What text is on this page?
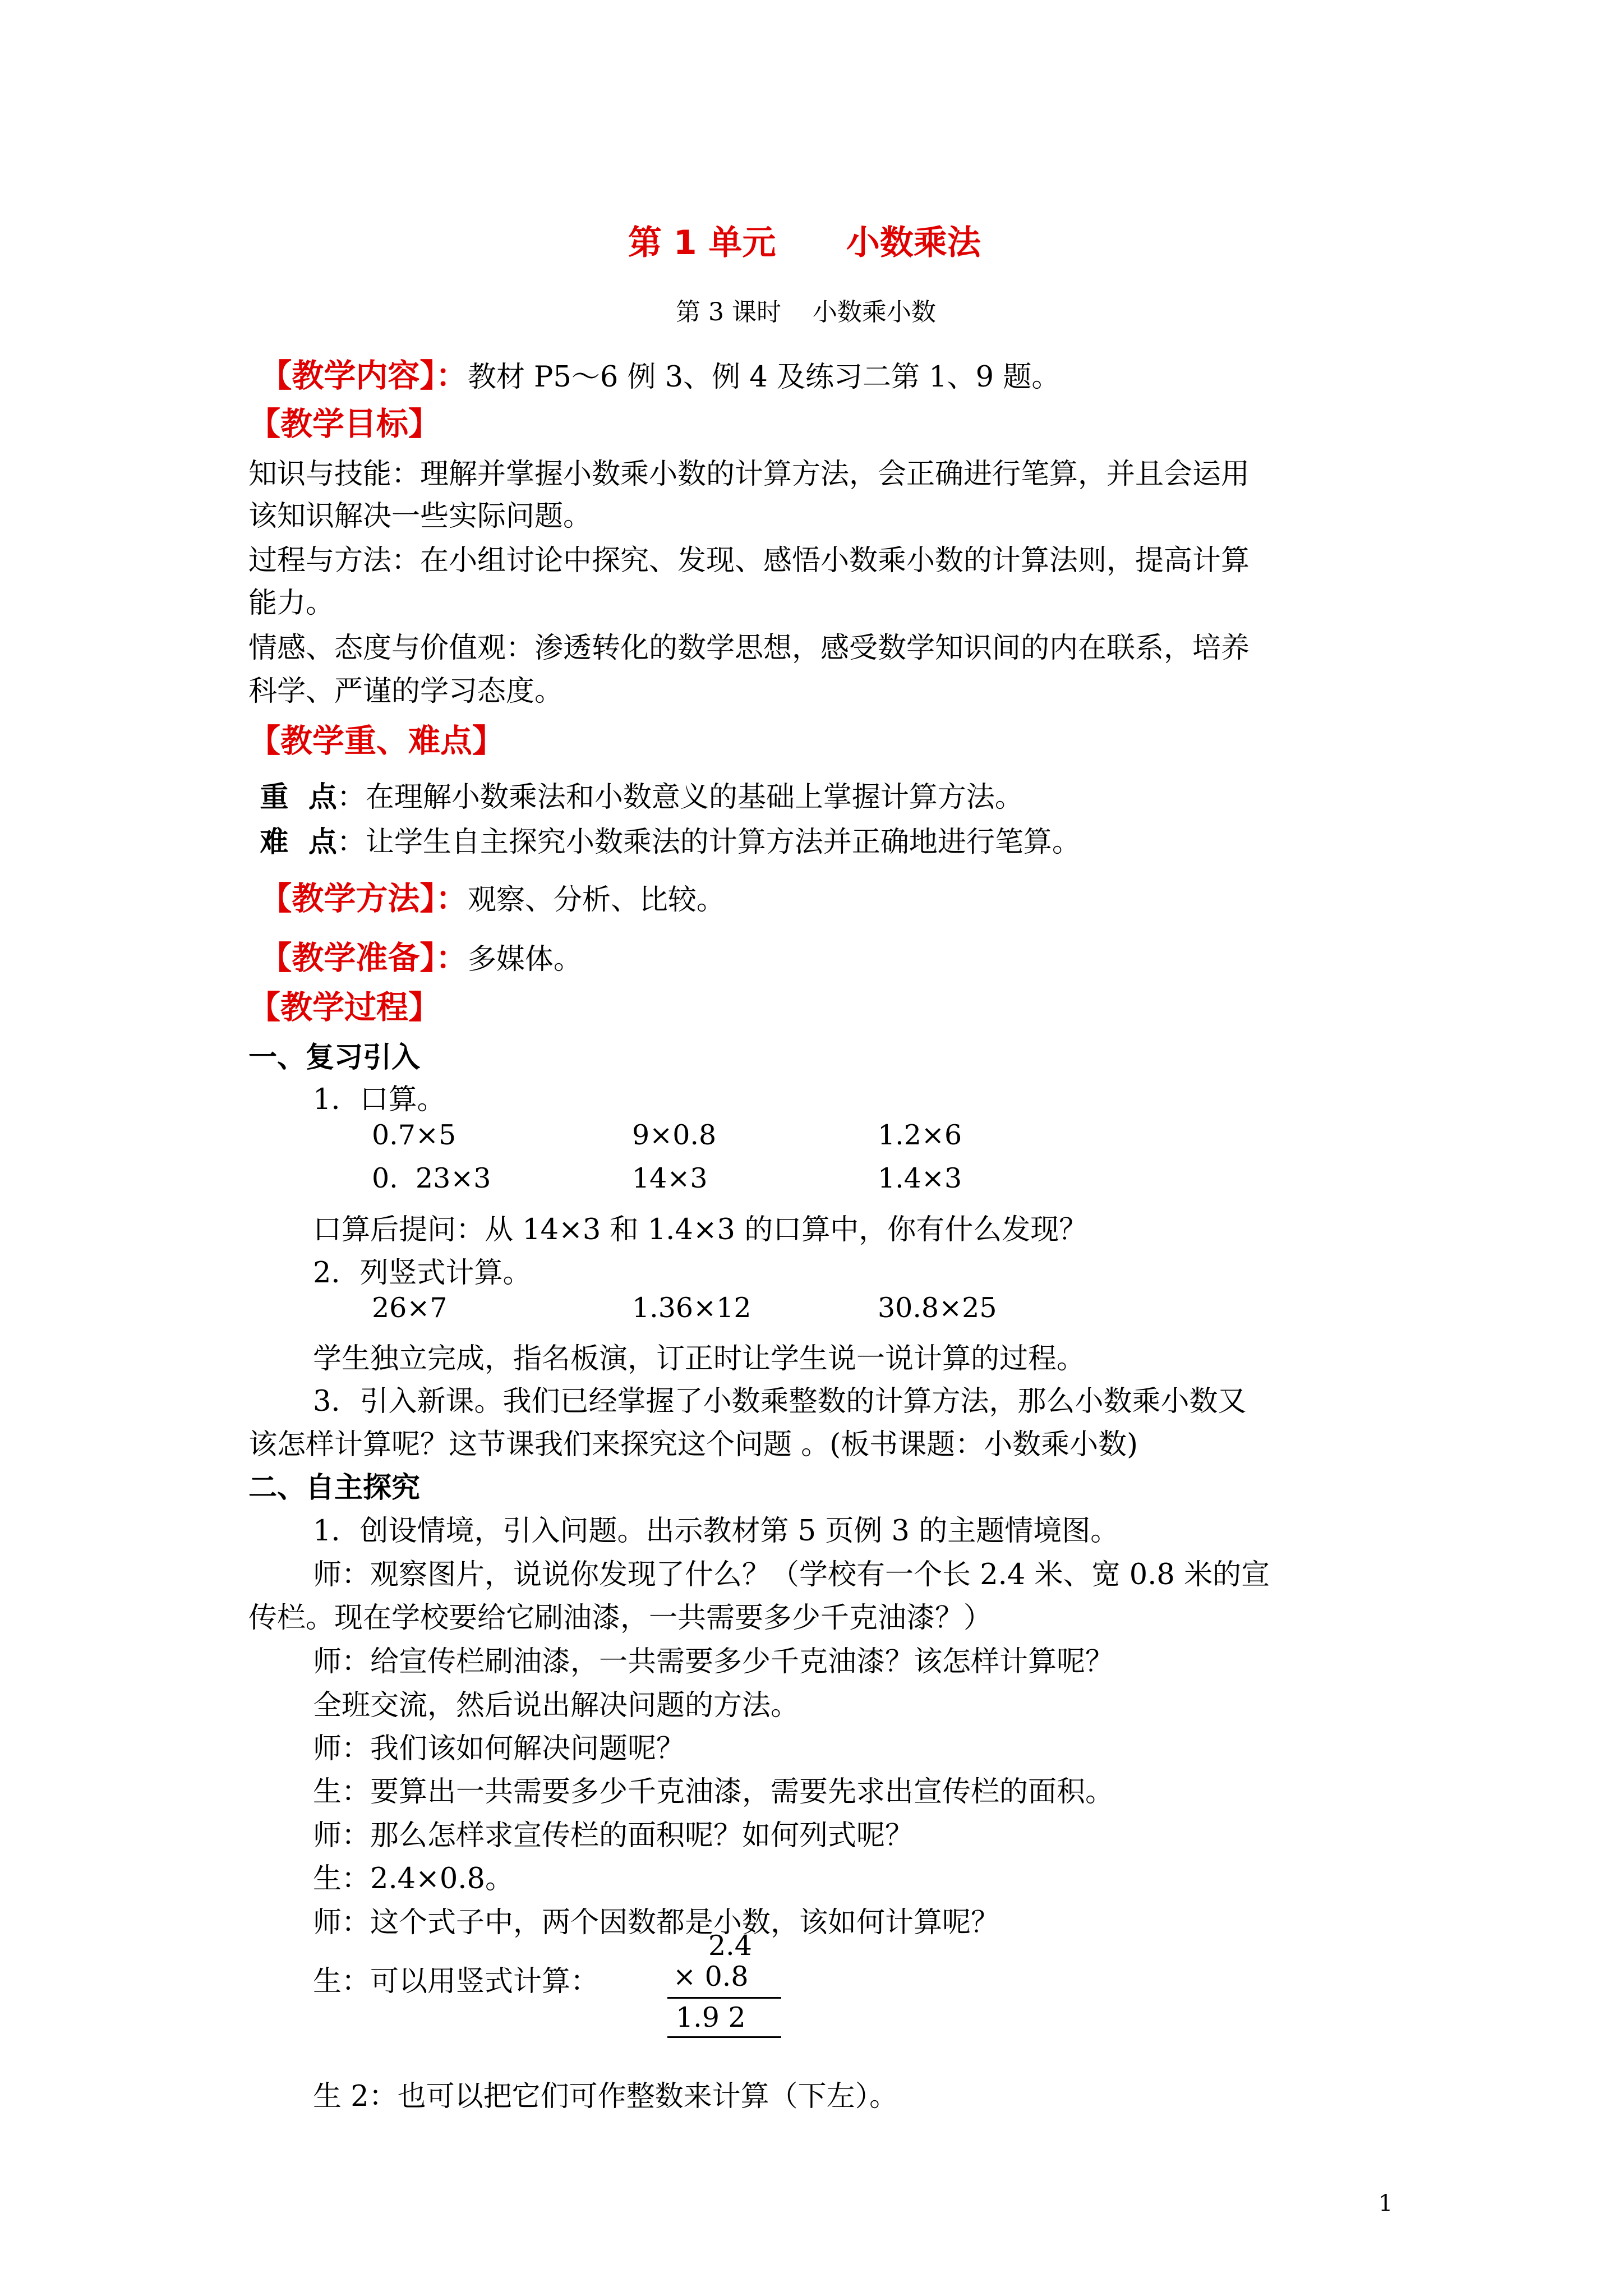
第 1 单元      小数乘法
第 3 课时    小数乘小数

【教学内容】：教材 P5～6 例 3、例 4 及练习二第 1、9 题。

【教学目标】
知识与技能：理解并掌握小数乘小数的计算方法，会正确进行笔算，并且会运用
该知识解决一些实际问题。
过程与方法：在小组讨论中探究、发现、感悟小数乘小数的计算法则，提高计算
能力。
情感、态度与价值观：渗透转化的数学思想，感受数学知识间的内在联系，培养
科学、严谨的学习态度。
【教学重、难点】

重  点：在理解小数乘法和小数意义的基础上掌握计算方法。

难  点：让学生自主探究小数乘法的计算方法并正确地进行笔算。

【教学方法】：观察、分析、比较。

【教学准备】：多媒体。

【教学过程】
一、复习引入
1．口算。
0.7×5	9×0.8	1.2×6
0.  23×3	14×3	1.4×3
口算后提问：从 14×3 和 1.4×3 的口算中，你有什么发现？
2．列竖式计算。
26×7	1.36×12	30.8×25
学生独立完成，指名板演，订正时让学生说一说计算的过程。
3．引入新课。我们已经掌握了小数乘整数的计算方法，那么小数乘小数又
该怎样计算呢？这节课我们来探究这个问题 。(板书课题：小数乘小数)
二、自主探究
1．创设情境，引入问题。出示教材第 5 页例 3 的主题情境图。
师：观察图片，说说你发现了什么？（学校有一个长 2.4 米、宽 0.8 米的宣
传栏。现在学校要给它刷油漆，一共需要多少千克油漆？）
师：给宣传栏刷油漆，一共需要多少千克油漆？该怎样计算呢？
全班交流，然后说出解决问题的方法。
师：我们该如何解决问题呢？
生：要算出一共需要多少千克油漆，需要先求出宣传栏的面积。
师：那么怎样求宣传栏的面积呢？如何列式呢？
生：2.4×0.8。
师：这个式子中，两个因数都是小数，该如何计算呢？
生：可以用竖式计算：
2.4
× 0.8
1.9 2
生 2：也可以把它们可作整数来计算（下左）。
1
